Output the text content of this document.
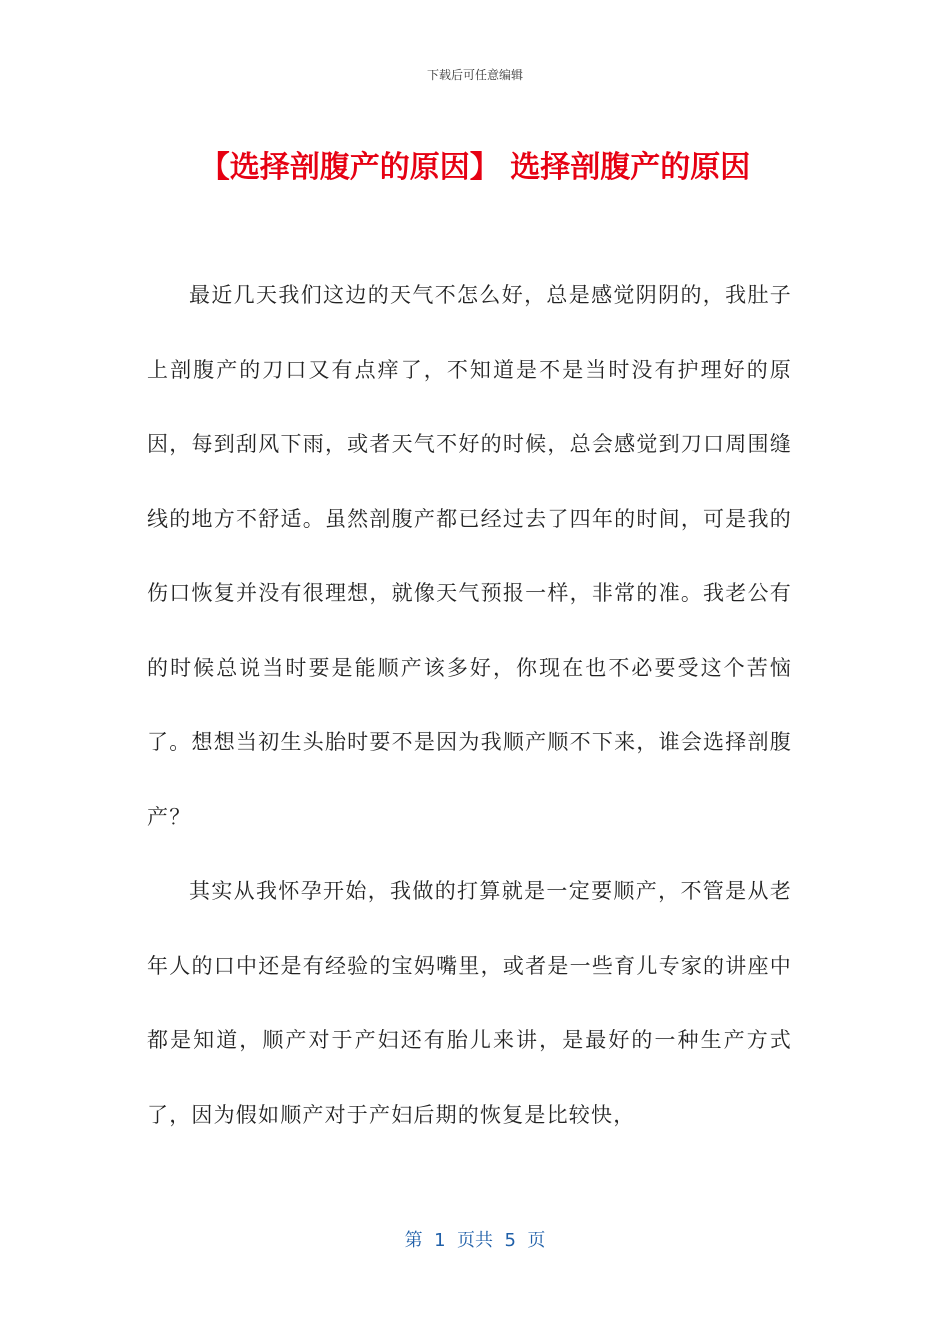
下载后可任意编辑
【选择剖腹产的原因】 选择剖腹产的原因

最近几天我们这边的天气不怎么好，总是感觉阴阴的，我肚子上剖腹产的刀口又有点痒了，不知道是不是当时没有护理好的原因，每到刮风下雨，或者天气不好的时候，总会感觉到刀口周围缝线的地方不舒适。虽然剖腹产都已经过去了四年的时间，可是我的伤口恢复并没有很理想，就像天气预报一样，非常的准。我老公有的时候总说当时要是能顺产该多好，你现在也不必要受这个苦恼了。想想当初生头胎时要不是因为我顺产顺不下来，谁会选择剖腹产？

其实从我怀孕开始，我做的打算就是一定要顺产，不管是从老年人的口中还是有经验的宝妈嘴里，或者是一些育儿专家的讲座中都是知道，顺产对于产妇还有胎儿来讲，是最好的一种生产方式了，因为假如顺产对于产妇后期的恢复是比较快，

第  1  页共  5  页
